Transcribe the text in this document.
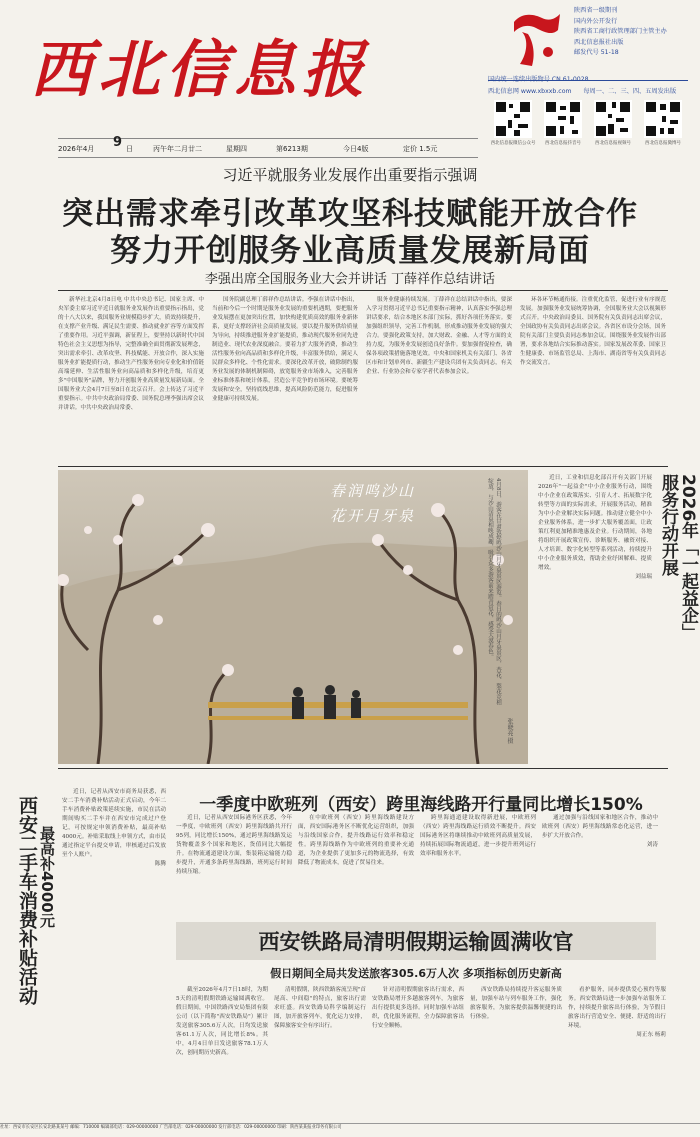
西北信息报
陕西省一级期刊
国内外公开发行
陕西省工商行政管理部门主管主办
西北信息报社出版
邮发代号 51-18
西北信息网 www.xbxxb.com 每周一、二、三、四、五周发出版
西北信息报微信公众号	西北信息报抖音号	西北信息报视频号	西北信息报微博号
2026年4月 9 日	丙午年二月廿二	星期四	第6213期	今日4版	定价 1.5元
习近平就服务业发展作出重要指示强调
突出需求牵引改革攻坚科技赋能开放合作
努力开创服务业高质量发展新局面
李强出席全国服务业大会并讲话 丁薛祥作总结讲话

新华社北京4月8日电 中共中央总书记、国家主席、中央军委主席习近平近日就服务业发展作出重要指示指出，党的十八大以来，我国服务业规模稳步扩大，质效持续提升，在支撑产业升级、满足民生需要、推动就业扩容等方面发挥了重要作用。习近平强调，新征程上，要坚持以新时代中国特色社会主义思想为指导，完整准确全面贯彻新发展理念，突出需求牵引、改革攻坚、科技赋能、开放合作，深入实施服务业扩能提质行动，推动生产性服务业向专业化和价值链高端延伸、生活性服务业向高品质和多样化升级，培育更多"中国服务"品牌，努力开创服务业高质量发展新局面。全国服务业大会4月7日至8日在北京召开。会上传达了习近平重要指示。中共中央政治局常委、国务院总理李强出席会议并讲话。中共中央政治局常委、

国务院副总理丁薛祥作总结讲话。李强在讲话中指出，当前和今后一个时期是服务业发展的重要机遇期，要把服务业发展摆在更加突出位置，加快构建优质高效的服务业新体系，更好支撑经济社会高质量发展。要以提升服务供给质量为导向，持续推进服务业扩能提质，推动现代服务业同先进制造业、现代农业深度融合。要着力扩大服务消费，推动生活性服务业向高品质和多样化升级，丰富服务供给，满足人民群众多样化、个性化需求。要深化改革开放，破除制约服务业发展的体制机制障碍，放宽服务业市场准入，完善服务业标准体系和统计体系，营造公平竞争的市场环境。要统筹发展和安全，坚持底线思维，提高风险防范能力，促进服务业健康可持续发展。

服务业健康持续发展。丁薛祥在总结讲话中指出，要深入学习贯彻习近平总书记重要指示精神，认真落实李强总理讲话要求，结合本地区本部门实际，抓好各项任务落实。要加强组织领导，完善工作机制，形成推动服务业发展的强大合力。要强化政策支持，加大财政、金融、人才等方面的支持力度，为服务业发展创造良好条件。要加强督促检查，确保各项政策措施落地见效。中央和国家机关有关部门、各省区市和计划单列市、新疆生产建设兵团有关负责同志，有关企业、行业协会和专家学者代表参加会议。

环各环节畅通衔接。注重优化监管，促进行业有序规范发展。加强服务业发展统筹协调，全国服务业大会以视频形式召开。中央政治局委员、国务院有关负责同志出席会议，全国政协有关负责同志出席会议。各省区市设分会场，国务院有关部门主要负责同志参加会议。围绕服务业发展作出部署，要求各地结合实际推动落实。国家发展改革委、国家卫生健康委、市场监管总局、上海市、湖南省等有关负责同志作交流发言。

春润鸣沙山
花开月牙泉	4月8日，游客在甘肃敦煌鸣沙山月牙泉景区游览。春日的鸣沙山月牙泉景区，杏花、梨花竞相绽放，与沙山清泉相映成趣，吸引众多游客前来踏青赏花，感受大漠春色。
张晓亮 摄
2026年「一起益企」服务行动开展

近日，工业和信息化部召开有关部门开展2026年"一起益企"中小企业服务行动，围绕中小企业在政策落实、引育人才、拓展数字化转型等方面的实际需求，开展服务活动，精准为中小企业解决实际问题。推动建立健全中小企业服务体系，进一步扩大服务覆盖面，让政策红利更加精准地惠及企业。行动期间，各地将组织开展政策宣传、诊断服务、融资对接、人才培训、数字化转型等系列活动，持续提升中小企业服务质效，帮助企业纾困解难、提质增效。

刘益瑞

西安二手车消费补贴活动 最高补4000元

近日，记者从西安市商务局获悉，西安二手车消费补贴活动正式启动，今年二手车消费补贴政策延续实施，市民在活动期间购买二手车并在西安市完成过户登记，可按规定申领消费补贴，最高补贴4000元。补贴采取线上申领方式，由市民通过指定平台提交申请，审核通过后发放至个人账户。

陈腾

一季度中欧班列（西安）跨里海线路开行量同比增长150%

近日，记者从西安国际港务区获悉，今年一季度，中欧班列（西安）跨里海线路共开行95列，同比增长150%，通过跨里海线路发运货物覆盖多个国家和地区，货值同比大幅提升。在物流通道建设方面，集装箱运输能力稳步提升，开通多条跨里海线路，班列运行时间持续压缩。

在中欧班列（西安）跨里海线路建设方面，西安国际港务区不断优化运营组织，加强与沿线国家合作，提升线路运行效率和稳定性。跨里海线路作为中欧班列的重要补充通道，为企业提供了更加多元的物流选择，有效降低了物流成本，促进了贸易往来。

跨里海通道建设取得新进展，中欧班列（西安）跨里海线路运行质效不断提升。西安国际港务区将继续推动中欧班列高质量发展，持续拓展国际物流通道，进一步提升班列运行效率和服务水平。

通过加强与沿线国家和地区合作，推动中欧班列（西安）跨里海线路常态化运营，进一步扩大开放合作。

刘涛

西安铁路局清明假期运输圆满收官
假日期间全局共发送旅客305.6万人次 多项指标创历史新高

截至2026年4月7日18时，为期5天的清明假期铁路运输圆满收官。假日期间，中国铁路西安局集团有限公司（以下简称"西安铁路局"）累计发送旅客305.6万人次，日均发送旅客61.1万人次，同比增长8%。其中，4月4日单日发送旅客78.1万人次，创同期历史新高。

清明假期，陕西铁路客流呈现"首尾高、中间稳"的特点，旅客出行需求旺盛。西安铁路局科学编制运行图，加开旅客列车，优化运力安排，保障旅客安全有序出行。

针对清明假期旅客出行需求，西安铁路局增开多趟旅客列车，为旅客出行提供更多选择。同时加强车站组织，优化服务流程，全力保障旅客出行安全顺畅。

西安铁路局持续提升客运服务质量，加强车站与列车服务工作，强化旅客服务，为旅客提供温馨便捷的出行体验。

看护服务，同步提供爱心预约等服务。西安铁路局进一步加强车站服务工作，持续提升旅客出行体验，为节假日旅客出行营造安全、便捷、舒适的出行环境。

周正东 杨莉

社址：西安市长安区长安北路某某号 邮编：710000 编辑部电话：029-00000000 广告部电话：029-00000000 发行部电话：029-00000000 印刷：陕西某某报业印务有限公司
